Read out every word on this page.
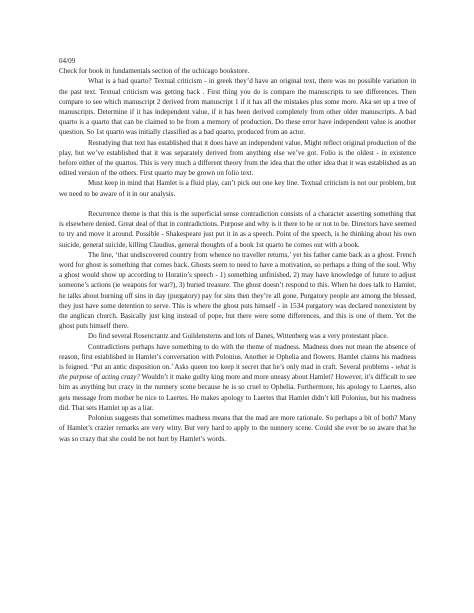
04/09
Check for book in fundamentals section of the uchicago bookstore.

What is a bad quarto? Textual criticism - in greek they’d have an original text, there was no possible variation in the past text. Textual criticism was getting back . First thing you do is compare the manuscripts to see differences. Then compare to see which manuscript 2 derived from manuscript 1 if it has all the mistakes plus some more. Aka set up a tree of manuscripts. Determine if it has independent value, if it has been derived completely from other older manuscripts. A bad quarto is a quarto that can be claimed to be from a memory of production. Do these error have independent value is another question. So 1st quarto was initially classified as a bad quarto, produced from an actor.

Restudying that text has established that it does have an independent value, Might reflect original production of the play, but we’ve established that it was separately derived from anything else we’ve got. Folio is the oldest - in existence before either of the quartos. This is very much a different theory from the idea that the other idea that it was established as an edited version of the others. First quarto may be grown on folio text.

Must keep in mind that Hamlet is a fluid play, can’t pick out one key line. Textual criticism is not our problem, but we need to be aware of it in our analysis.

Recurrence theme is that this is the superficial sense contradiction consists of a character asserting something that is elsewhere denied. Great deal of that in contradictions. Purpose and why is it there to be or not to be. Directors have seemed to try and move it around. Possible - Shakespeare just put it in as a speech. Point of the speech, is he thinking about his own suicide, general suicide, killing Claudius, general thoughts of a book 1st quarto he comes out with a book.

The line, ‘that undiscovered country from whence no traveller returns,’ yet his father came back as a ghost. French word for ghost is something that comes back. Ghosts seem to need to have a motivation, so perhaps a thing of the soul. Why a ghost would show up according to Horatio’s speech - 1) something unfinished, 2) may have knowledge of future to adjust someone’s actions (ie weapons for war?), 3) buried treasure. The ghost doesn’t respond to this. When he does talk to Hamlet, he talks about burning off sins in day (purgatory) pay for sins then they’re all gone. Purgatory people are among the blessed, they just have some detention to serve. This is where the ghost puts himself - in 1534 purgatory was declared nonexistent by the anglican church. Basically just king instead of pope, but there were some differences, and this is one of them. Yet the ghost puts himself there.

Do find several Rosencrantz and Guildensterns and lots of Danes, Wittenberg was a very protestant place.

Contradictions perhaps have something to do with the theme of madness. Madness does not mean the absence of reason, first established in Hamlet’s conversation with Polonius. Another ie Ophelia and flowers. Hamlet claims his madness is feigned. ‘Put an antic disposition on.’ Asks queen too keep it secret that he’s only mad in craft. Several problems - what is the purpose of acting crazy? Wouldn’t it make guilty king more and more uneasy about Hamlet? However, it’s difficult to see him as anything but crazy in the nunnery scene because he is so cruel to Ophelia. Furthermore, his apology to Laertes, also gets message from mother be nice to Laertes. He makes apology to Laertes that Hamlet didn’t kill Polonius, but his madness did. That sets Hamlet up as a liar.

Polonius suggests that sometimes madness means that the mad are more rationale. So perhaps a bit of both? Many of Hamlet’s crazier remarks are very witty. But very hard to apply to the nunnery scene. Could she ever be so aware that he was so crazy that she could be not hurt by Hamlet’s words.
